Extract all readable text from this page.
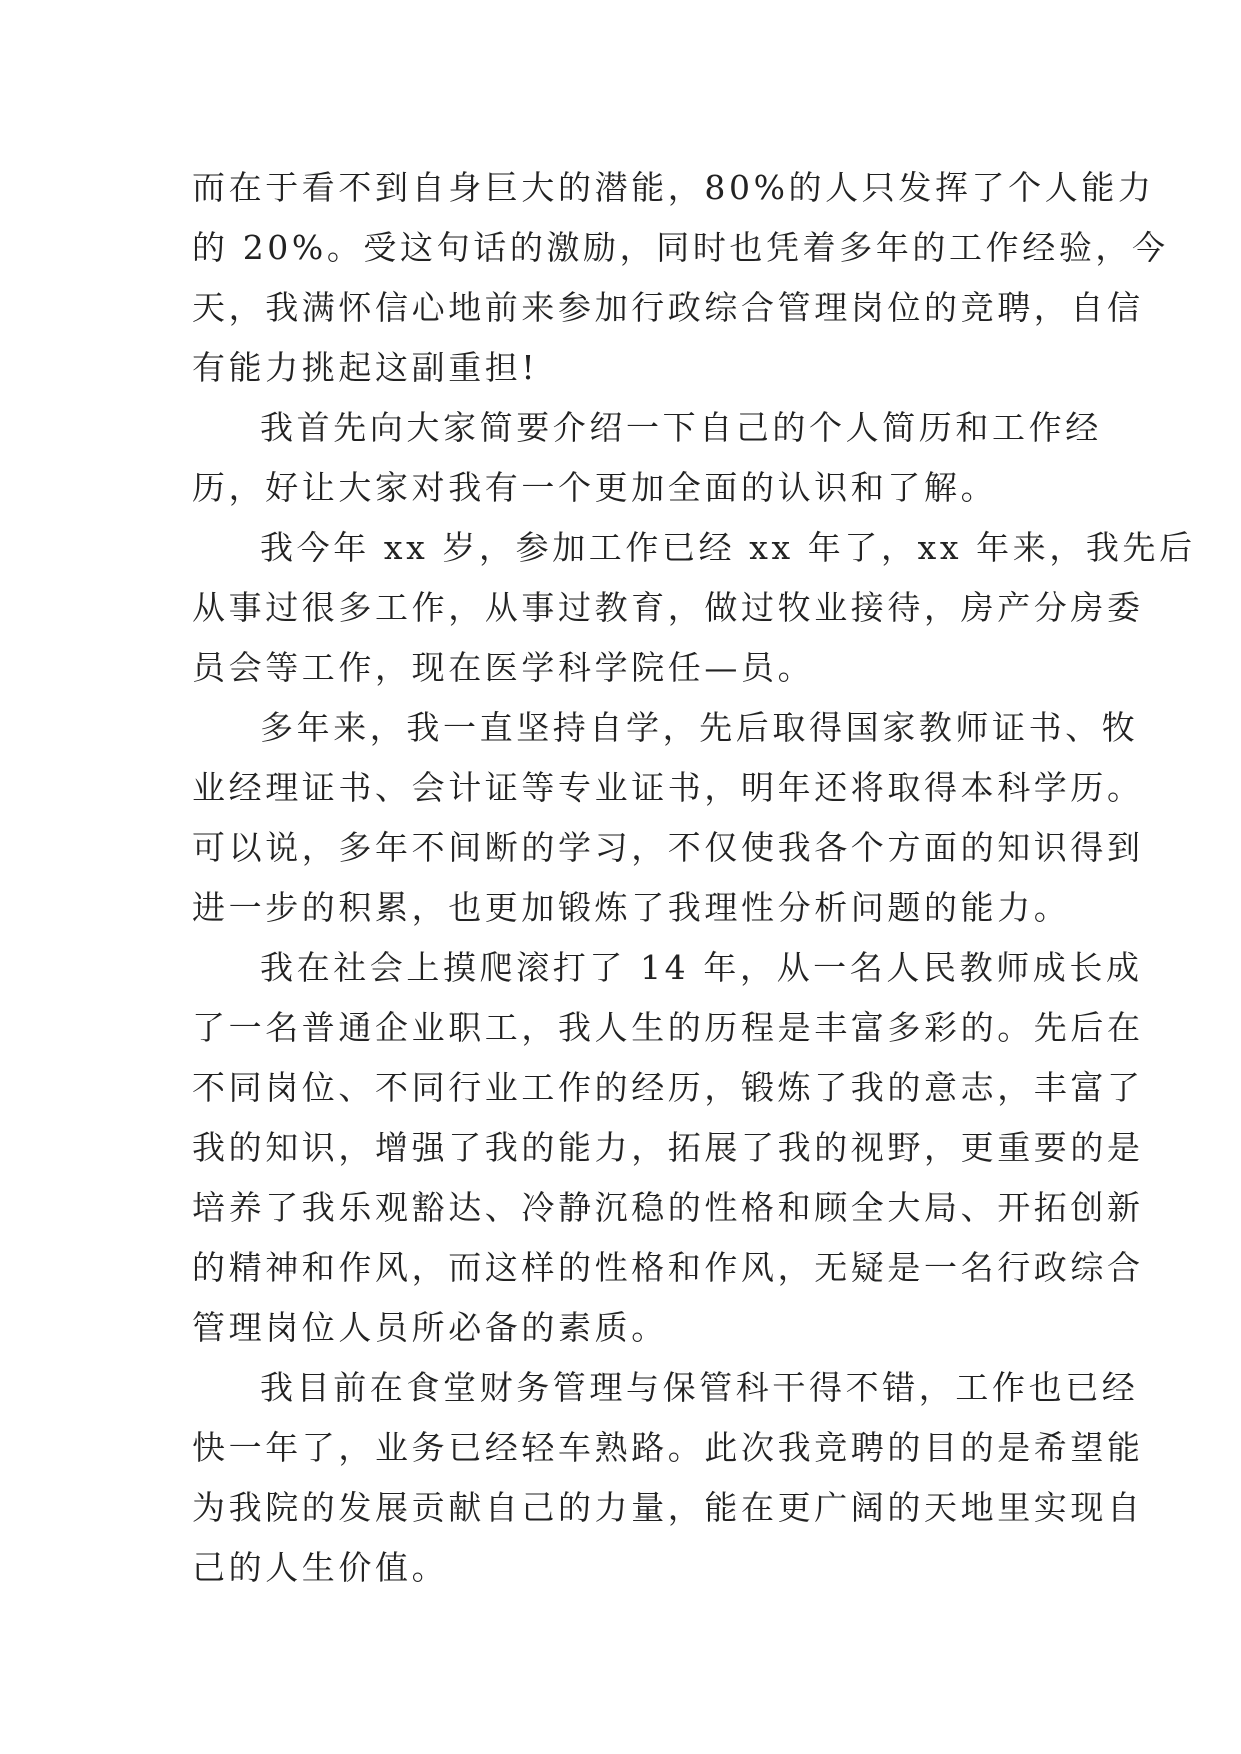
而在于看不到自身巨大的潜能，80%的人只发挥了个人能力
的 20%。受这句话的激励，同时也凭着多年的工作经验，今
天，我满怀信心地前来参加行政综合管理岗位的竞聘，自信
有能力挑起这副重担!
我首先向大家简要介绍一下自己的个人简历和工作经
历，好让大家对我有一个更加全面的认识和了解。
我今年 xx 岁，参加工作已经 xx 年了，xx 年来，我先后
从事过很多工作，从事过教育，做过牧业接待，房产分房委
员会等工作，现在医学科学院任—员。
多年来，我一直坚持自学，先后取得国家教师证书、牧
业经理证书、会计证等专业证书，明年还将取得本科学历。
可以说，多年不间断的学习，不仅使我各个方面的知识得到
进一步的积累，也更加锻炼了我理性分析问题的能力。
我在社会上摸爬滚打了 14 年，从一名人民教师成长成
了一名普通企业职工，我人生的历程是丰富多彩的。先后在
不同岗位、不同行业工作的经历，锻炼了我的意志，丰富了
我的知识，增强了我的能力，拓展了我的视野，更重要的是
培养了我乐观豁达、冷静沉稳的性格和顾全大局、开拓创新
的精神和作风，而这样的性格和作风，无疑是一名行政综合
管理岗位人员所必备的素质。
我目前在食堂财务管理与保管科干得不错，工作也已经
快一年了，业务已经轻车熟路。此次我竞聘的目的是希望能
为我院的发展贡献自己的力量，能在更广阔的天地里实现自
己的人生价值。
